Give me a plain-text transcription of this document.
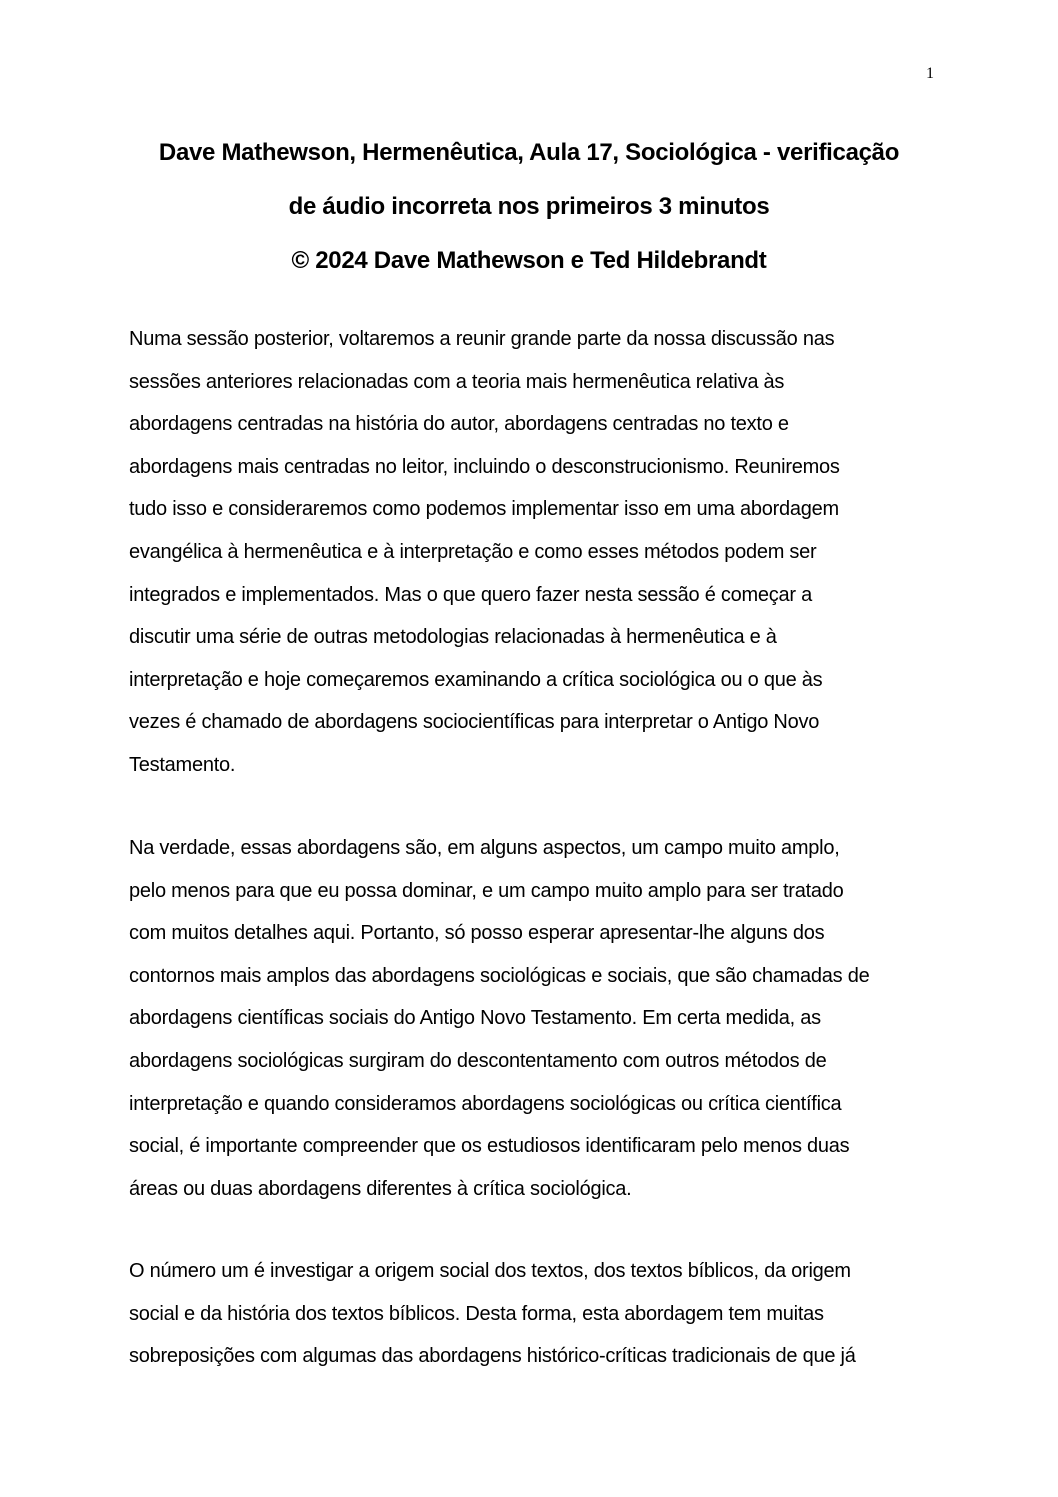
1
Dave Mathewson, Hermenêutica, Aula 17, Sociológica - verificação
de áudio incorreta nos primeiros 3 minutos
© 2024 Dave Mathewson e Ted Hildebrandt
Numa sessão posterior, voltaremos a reunir grande parte da nossa discussão nas
sessões anteriores relacionadas com a teoria mais hermenêutica relativa às
abordagens centradas na história do autor, abordagens centradas no texto e
abordagens mais centradas no leitor, incluindo o desconstrucionismo. Reuniremos
tudo isso e consideraremos como podemos implementar isso em uma abordagem
evangélica à hermenêutica e à interpretação e como esses métodos podem ser
integrados e implementados. Mas o que quero fazer nesta sessão é começar a
discutir uma série de outras metodologias relacionadas à hermenêutica e à
interpretação e hoje começaremos examinando a crítica sociológica ou o que às
vezes é chamado de abordagens sociocientíficas para interpretar o Antigo Novo
Testamento.
Na verdade, essas abordagens são, em alguns aspectos, um campo muito amplo,
pelo menos para que eu possa dominar, e um campo muito amplo para ser tratado
com muitos detalhes aqui. Portanto, só posso esperar apresentar-lhe alguns dos
contornos mais amplos das abordagens sociológicas e sociais, que são chamadas de
abordagens científicas sociais do Antigo Novo Testamento. Em certa medida, as
abordagens sociológicas surgiram do descontentamento com outros métodos de
interpretação e quando consideramos abordagens sociológicas ou crítica científica
social, é importante compreender que os estudiosos identificaram pelo menos duas
áreas ou duas abordagens diferentes à crítica sociológica.
O número um é investigar a origem social dos textos, dos textos bíblicos, da origem
social e da história dos textos bíblicos. Desta forma, esta abordagem tem muitas
sobreposições com algumas das abordagens histórico-críticas tradicionais de que já
